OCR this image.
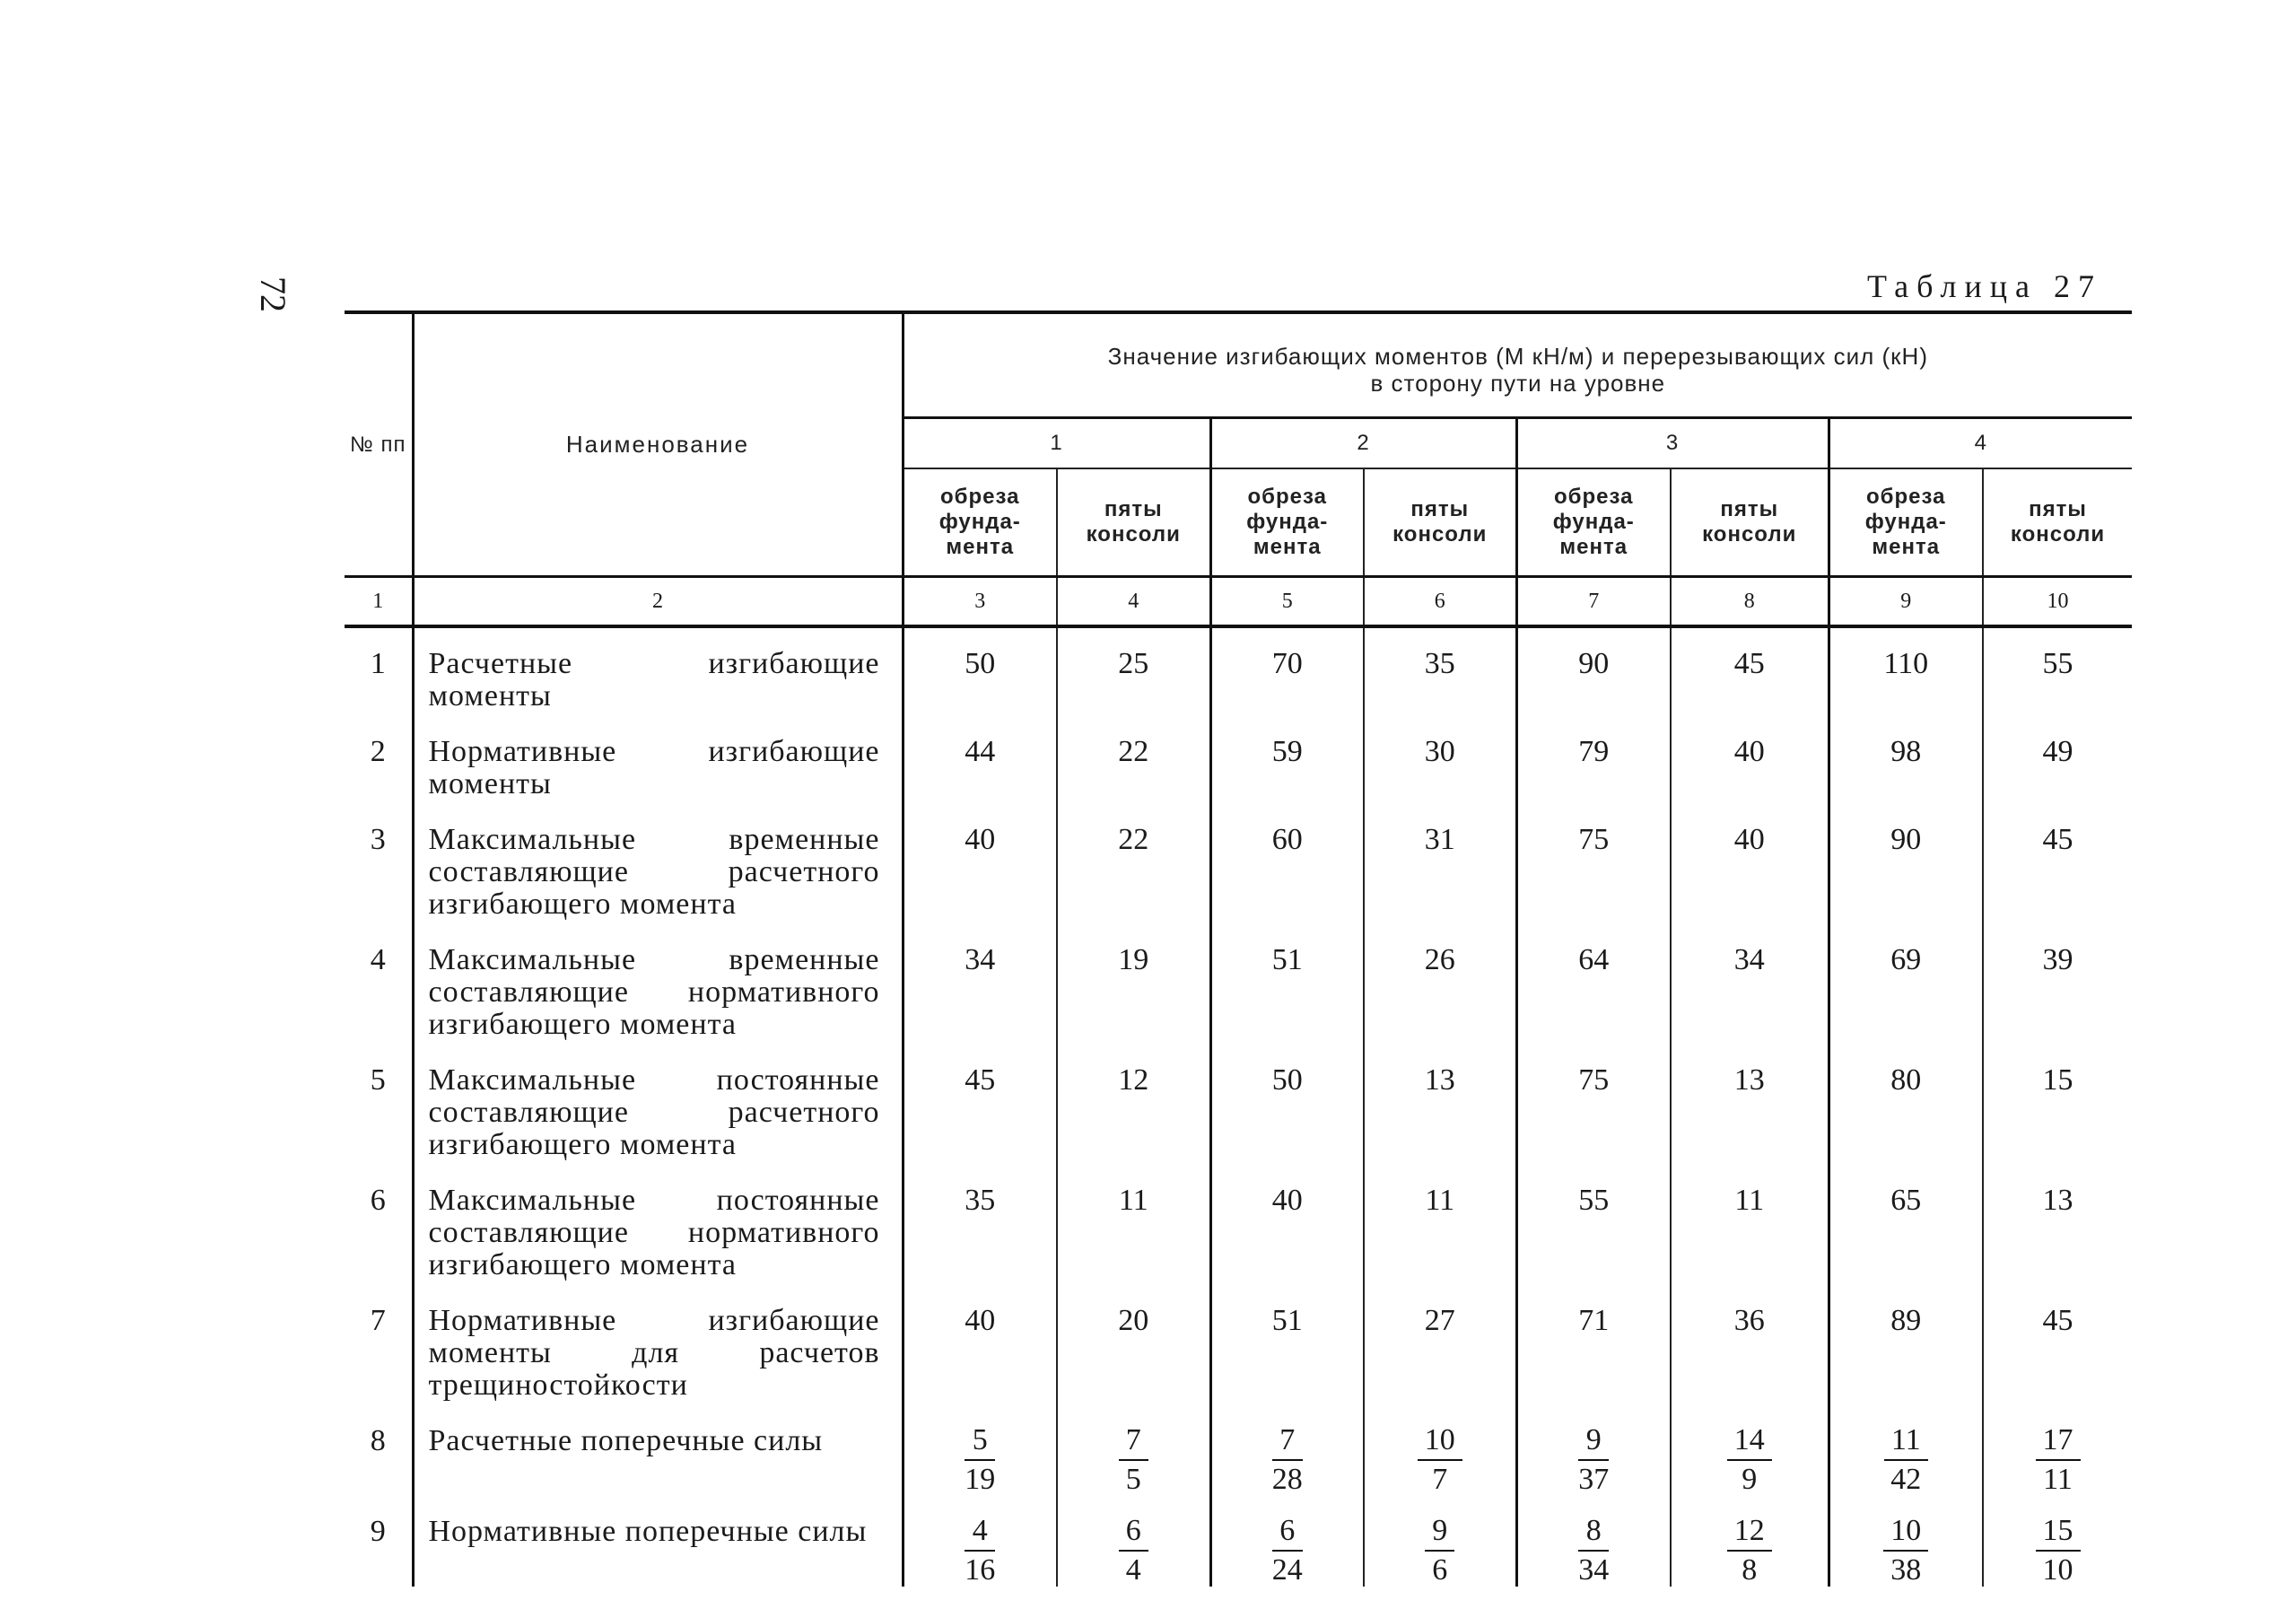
72	Таблица 27
№ пп	Наименование	Значение изгибающих моментов (М кН/м) и перерезывающих сил (кН)
в сторону пути на уровне							

		1		2		3		4	

		обреза
фунда-
мента	пяты
консоли	обреза
фунда-
мента	пяты
консоли	обреза
фунда-
мента	пяты
консоли	обреза
фунда-
мента	пяты
консоли

1	2	3	4	5	6	7	8	9	10
1	Расчетные изгибающие моменты	50	25	70	35	90	45	110	55
2	Нормативные изгибающие моменты	44	22	59	30	79	40	98	49
3	Максимальные временные составляющие расчетного изгибающего момента	40	22	60	31	75	40	90	45
4	Максимальные временные составляющие нормативного изгибающего момента	34	19	51	26	64	34	69	39
5	Максимальные постоянные составляющие расчетного изгибающего момента	45	12	50	13	75	13	80	15
6	Максимальные постоянные составляющие нормативного изгибающего момента	35	11	40	11	55	11	65	13
7	Нормативные изгибающие моменты для расчетов трещиностойкости	40	20	51	27	71	36	89	45
8	Расчетные поперечные силы	$\frac{5}{19}$	$\frac{7}{5}$	$\frac{7}{28}$	$\frac{10}{7}$	$\frac{9}{37}$	$\frac{14}{9}$	$\frac{11}{42}$	$\frac{17}{11}$

9	Нормативные поперечные силы	$\frac{4}{16}$	$\frac{6}{4}$	$\frac{6}{24}$	$\frac{9}{6}$	$\frac{8}{34}$	$\frac{12}{8}$	$\frac{10}{38}$	$\frac{15}{10}$
